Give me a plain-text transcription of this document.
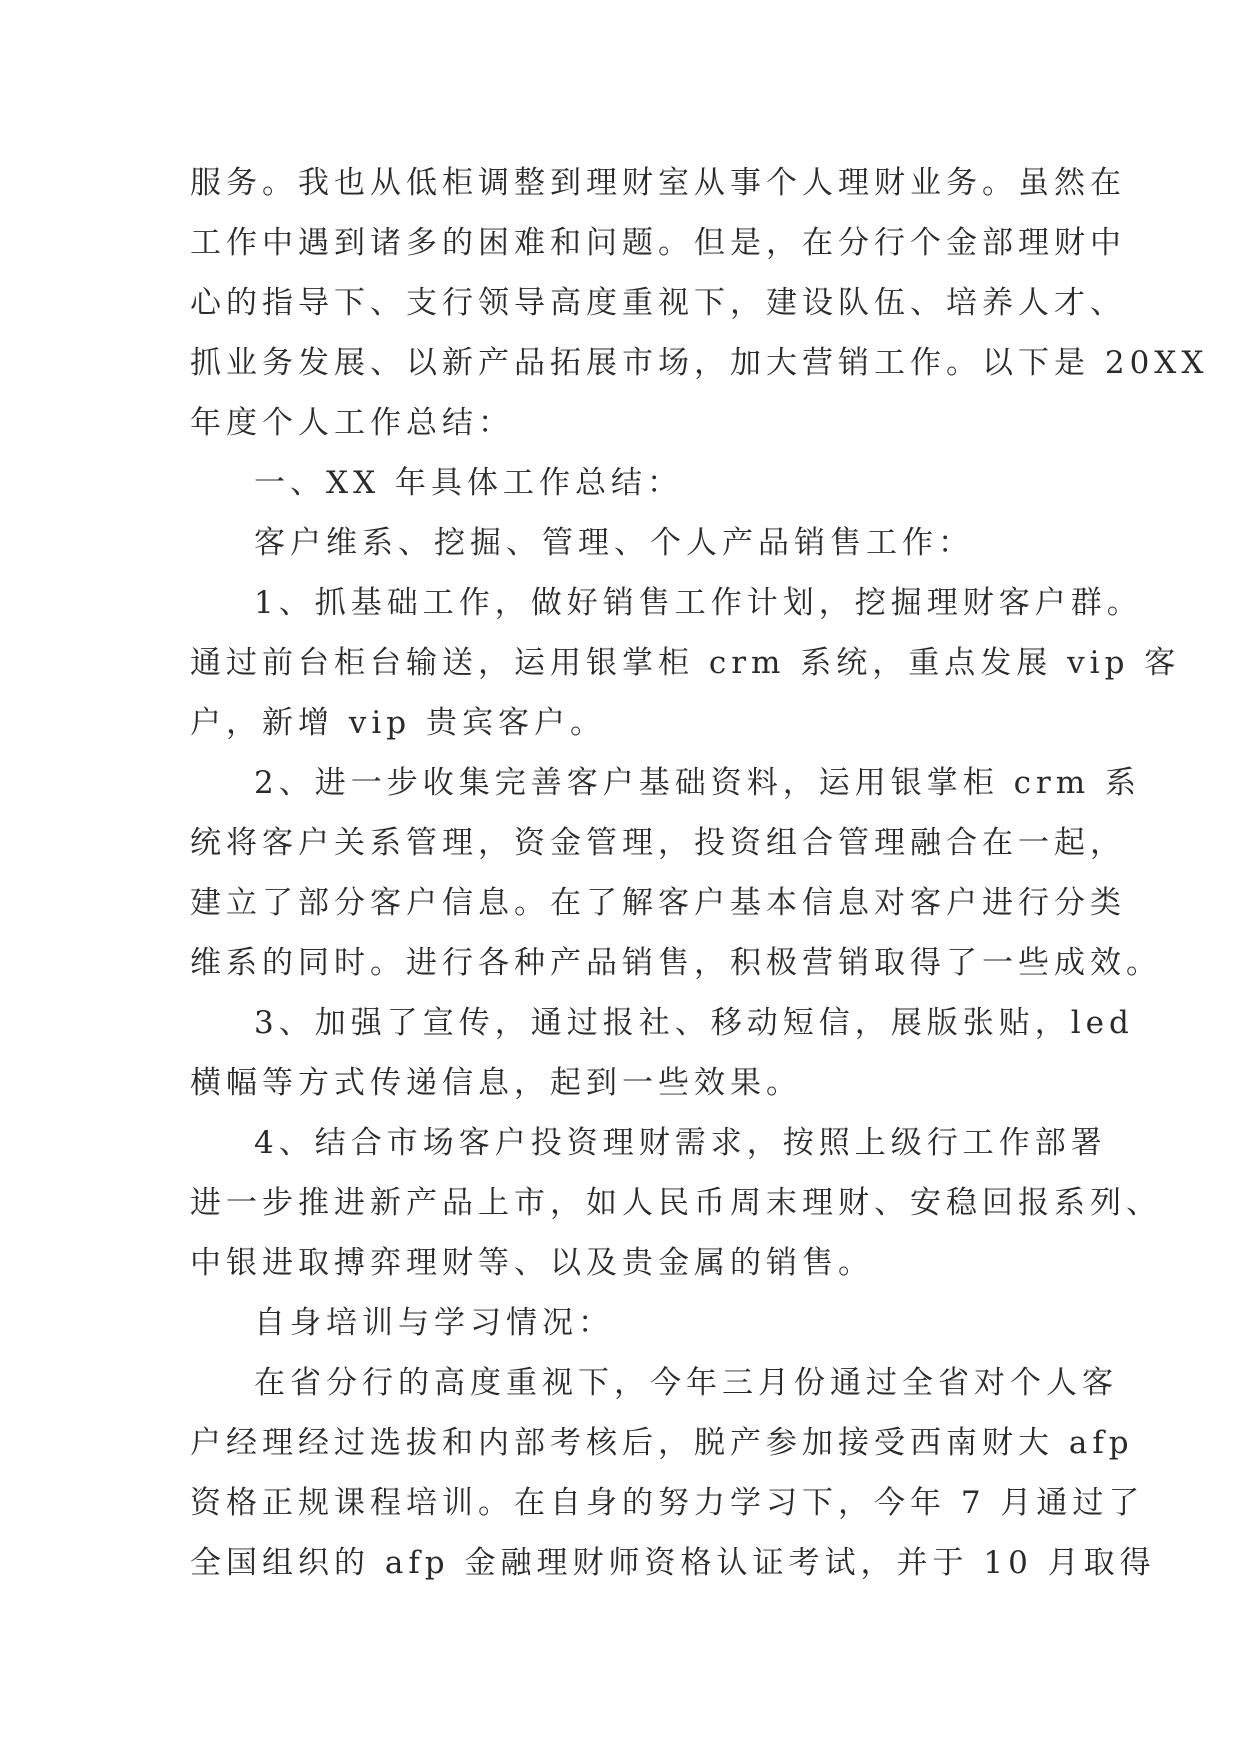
服务。我也从低柜调整到理财室从事个人理财业务。虽然在

工作中遇到诸多的困难和问题。但是，在分行个金部理财中

心的指导下、支行领导高度重视下，建设队伍、培养人才、

抓业务发展、以新产品拓展市场，加大营销工作。以下是 20XX

年度个人工作总结：

一、XX 年具体工作总结：

客户维系、挖掘、管理、个人产品销售工作：

1、抓基础工作，做好销售工作计划，挖掘理财客户群。

通过前台柜台输送，运用银掌柜 crm 系统，重点发展 vip 客

户，新增 vip 贵宾客户。

2、进一步收集完善客户基础资料，运用银掌柜 crm 系

统将客户关系管理，资金管理，投资组合管理融合在一起，

建立了部分客户信息。在了解客户基本信息对客户进行分类

维系的同时。进行各种产品销售，积极营销取得了一些成效。

3、加强了宣传，通过报社、移动短信，展版张贴，led

横幅等方式传递信息，起到一些效果。

4、结合市场客户投资理财需求，按照上级行工作部署

进一步推进新产品上市，如人民币周末理财、安稳回报系列、

中银进取搏弈理财等、以及贵金属的销售。

自身培训与学习情况：

在省分行的高度重视下，今年三月份通过全省对个人客

户经理经过选拔和内部考核后，脱产参加接受西南财大 afp

资格正规课程培训。在自身的努力学习下，今年 7 月通过了

全国组织的 afp 金融理财师资格认证考试，并于 10 月取得
